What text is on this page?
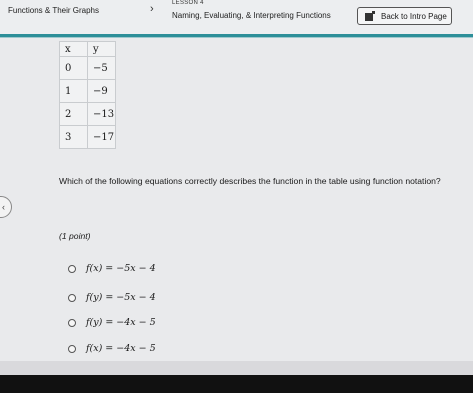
Functions & Their Graphs	›	LESSON 4
Naming, Evaluating, & Interpreting Functions	Back to Intro Page
x	y
0	−5
1	−9
2	−13
3	−17
Which of the following equations correctly describes the function in the table using function notation?
‹
(1 point)
f(x) = −5x − 4
f(y) = −5x − 4
f(y) = −4x − 5
f(x) = −4x − 5
